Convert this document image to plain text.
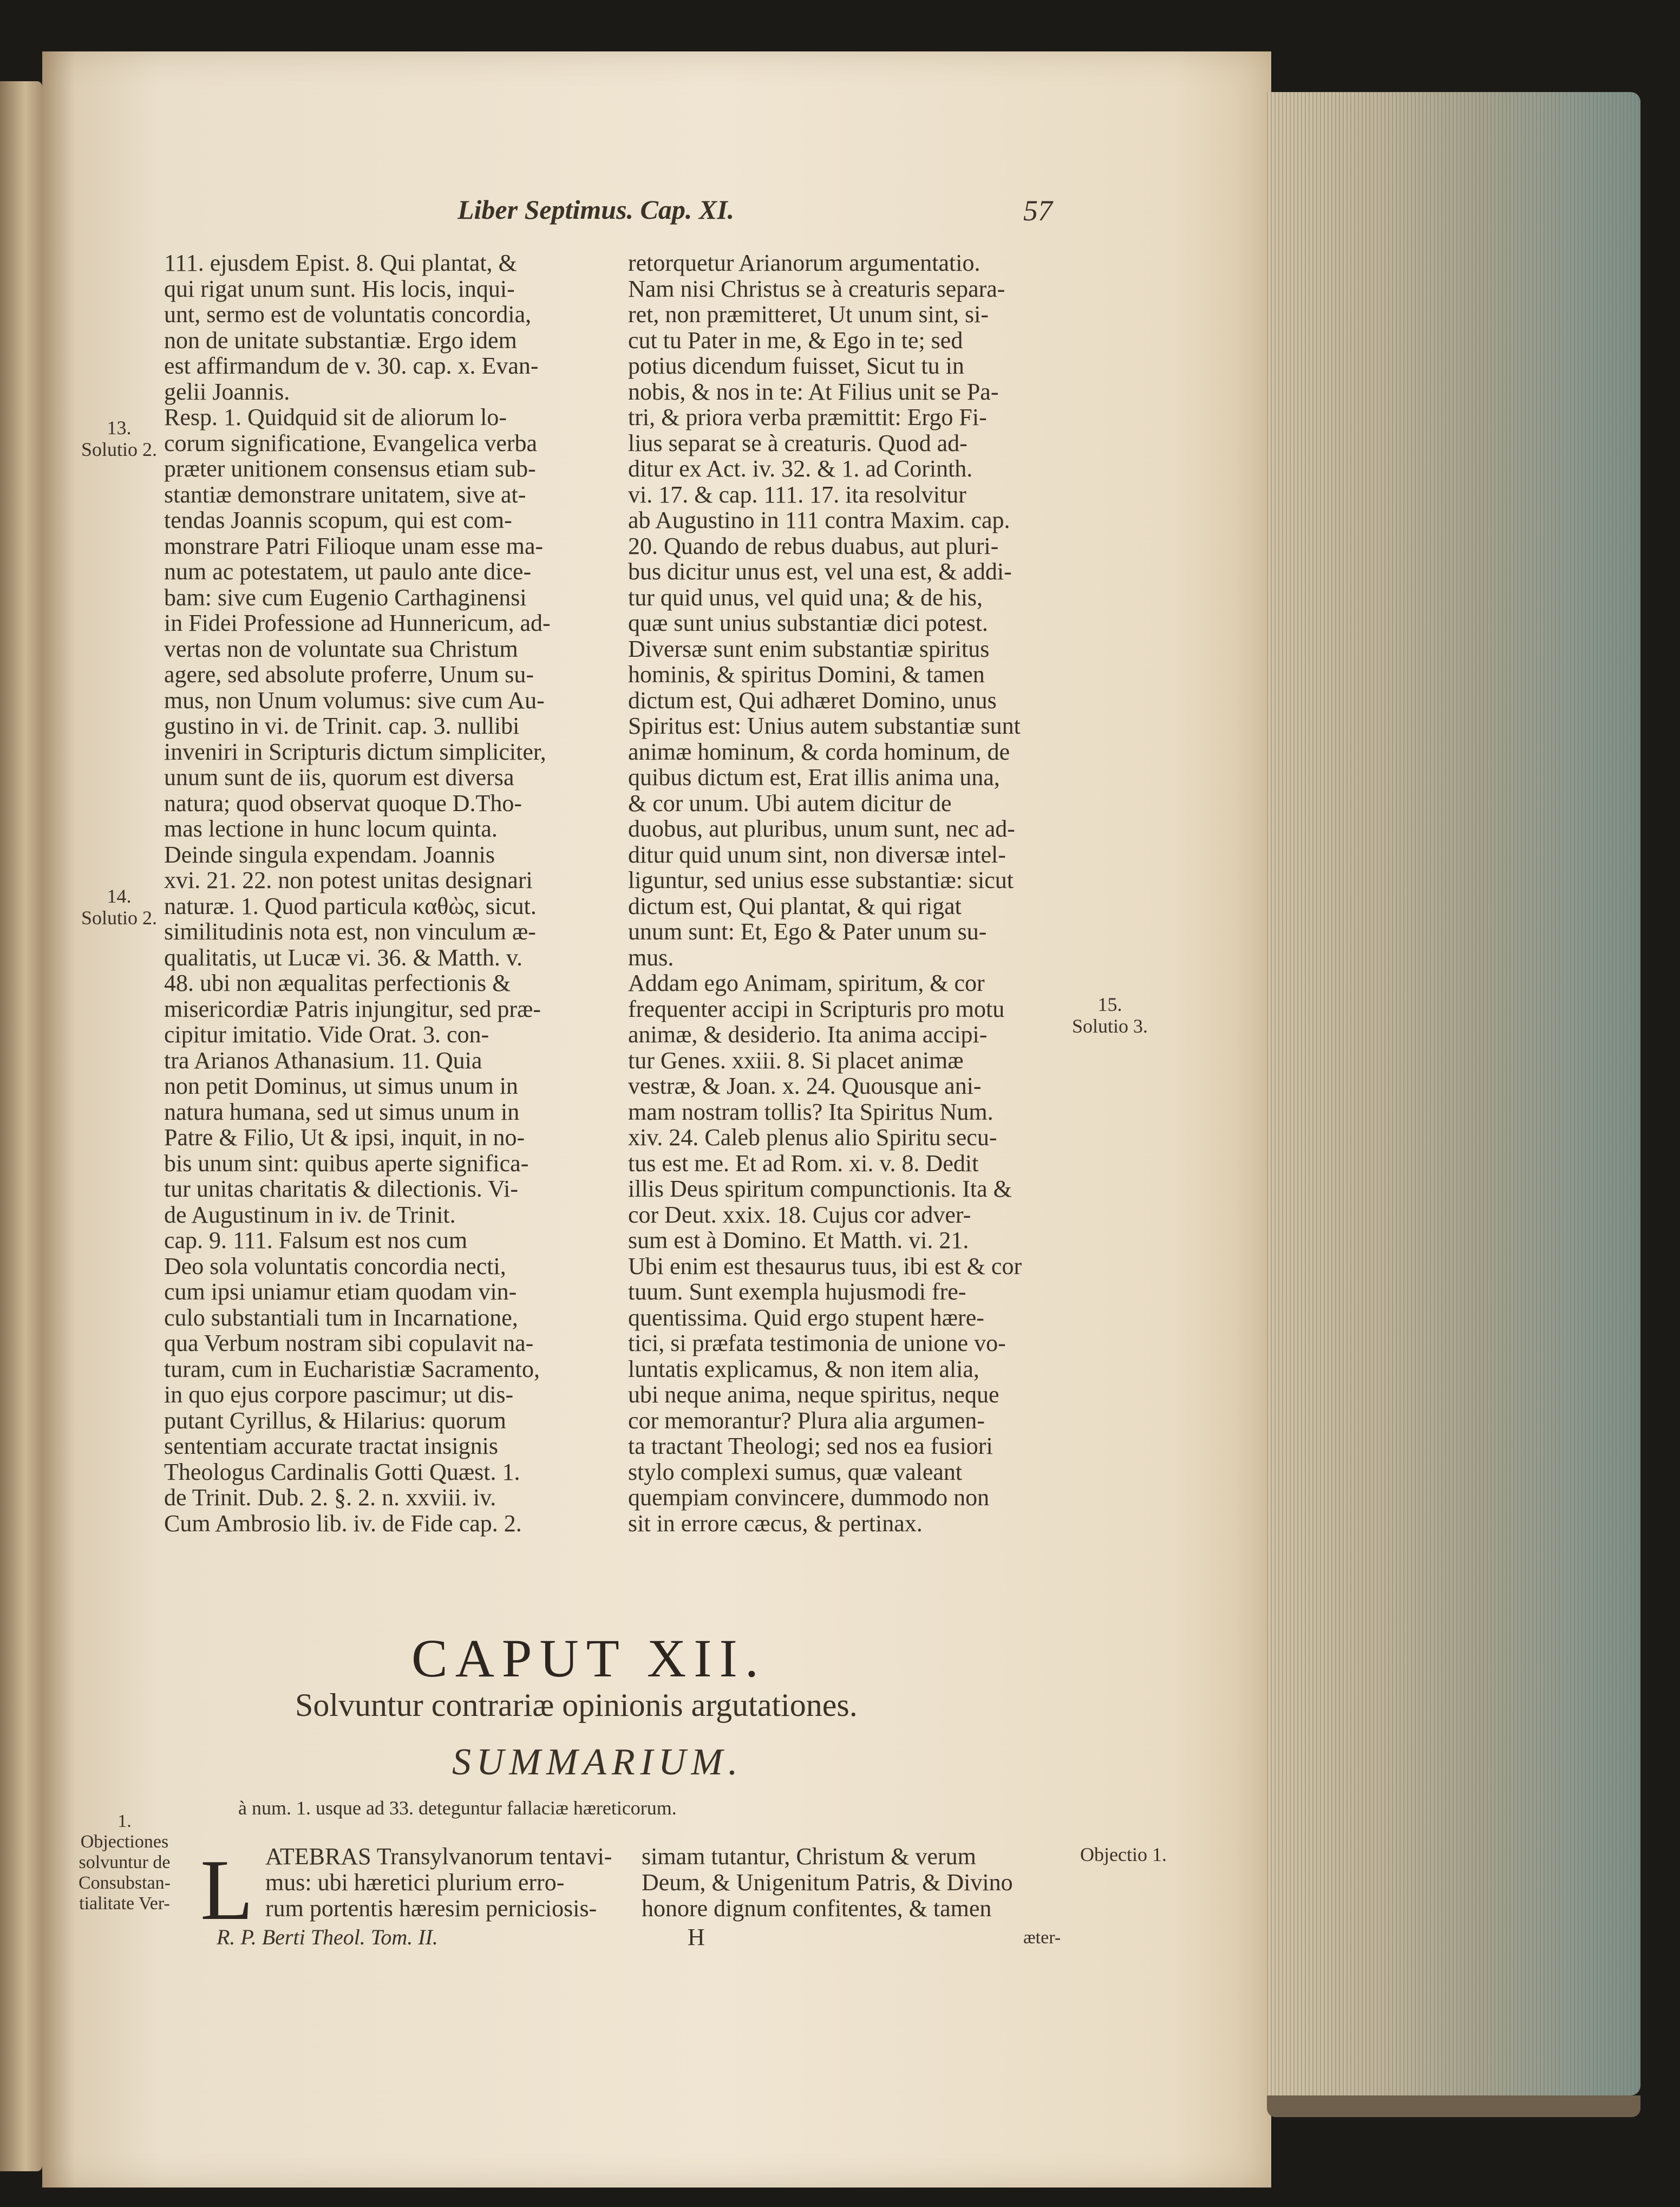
Liber Septimus. Cap. XI.	57
111. ejusdem Epist. 8. Qui plantat, &
qui rigat unum sunt. His locis, inqui-
unt, sermo est de voluntatis concordia,
non de unitate substantiæ. Ergo idem
est affirmandum de v. 30. cap. x. Evan-
gelii Joannis.
Resp. 1. Quidquid sit de aliorum lo-
corum significatione, Evangelica verba
præter unitionem consensus etiam sub-
stantiæ demonstrare unitatem, sive at-
tendas Joannis scopum, qui est com-
monstrare Patri Filioque unam esse ma-
num ac potestatem, ut paulo ante dice-
bam: sive cum Eugenio Carthaginensi
in Fidei Professione ad Hunnericum, ad-
vertas non de voluntate sua Christum
agere, sed absolute proferre, Unum su-
mus, non Unum volumus: sive cum Au-
gustino in vi. de Trinit. cap. 3. nullibi
inveniri in Scripturis dictum simpliciter,
unum sunt de iis, quorum est diversa
natura; quod observat quoque D.Tho-
mas lectione in hunc locum quinta.
Deinde singula expendam. Joannis
xvi. 21. 22. non potest unitas designari
naturæ. 1. Quod particula καθὼς, sicut.
similitudinis nota est, non vinculum æ-
qualitatis, ut Lucæ vi. 36. & Matth. v.
48. ubi non æqualitas perfectionis &
misericordiæ Patris injungitur, sed præ-
cipitur imitatio. Vide Orat. 3. con-
tra Arianos Athanasium. 11. Quia
non petit Dominus, ut simus unum in
natura humana, sed ut simus unum in
Patre & Filio, Ut & ipsi, inquit, in no-
bis unum sint: quibus aperte significa-
tur unitas charitatis & dilectionis. Vi-
de Augustinum in iv. de Trinit.
cap. 9. 111. Falsum est nos cum
Deo sola voluntatis concordia necti,
cum ipsi uniamur etiam quodam vin-
culo substantiali tum in Incarnatione,
qua Verbum nostram sibi copulavit na-
turam, cum in Eucharistiæ Sacramento,
in quo ejus corpore pascimur; ut dis-
putant Cyrillus, & Hilarius: quorum
sententiam accurate tractat insignis
Theologus Cardinalis Gotti Quæst. 1.
de Trinit. Dub. 2. §. 2. n. xxviii. iv.
Cum Ambrosio lib. iv. de Fide cap. 2.
retorquetur Arianorum argumentatio.
Nam nisi Christus se à creaturis separa-
ret, non præmitteret, Ut unum sint, si-
cut tu Pater in me, & Ego in te; sed
potius dicendum fuisset, Sicut tu in
nobis, & nos in te: At Filius unit se Pa-
tri, & priora verba præmittit: Ergo Fi-
lius separat se à creaturis. Quod ad-
ditur ex Act. iv. 32. & 1. ad Corinth.
vi. 17. & cap. 111. 17. ita resolvitur
ab Augustino in 111 contra Maxim. cap.
20. Quando de rebus duabus, aut pluri-
bus dicitur unus est, vel una est, & addi-
tur quid unus, vel quid una; & de his,
quæ sunt unius substantiæ dici potest.
Diversæ sunt enim substantiæ spiritus
hominis, & spiritus Domini, & tamen
dictum est, Qui adhæret Domino, unus
Spiritus est: Unius autem substantiæ sunt
animæ hominum, & corda hominum, de
quibus dictum est, Erat illis anima una,
& cor unum. Ubi autem dicitur de
duobus, aut pluribus, unum sunt, nec ad-
ditur quid unum sint, non diversæ intel-
liguntur, sed unius esse substantiæ: sicut
dictum est, Qui plantat, & qui rigat
unum sunt: Et, Ego & Pater unum su-
mus.
Addam ego Animam, spiritum, & cor
frequenter accipi in Scripturis pro motu
animæ, & desiderio. Ita anima accipi-
tur Genes. xxiii. 8. Si placet animæ
vestræ, & Joan. x. 24. Quousque ani-
mam nostram tollis? Ita Spiritus Num.
xiv. 24. Caleb plenus alio Spiritu secu-
tus est me. Et ad Rom. xi. v. 8. Dedit
illis Deus spiritum compunctionis. Ita &
cor Deut. xxix. 18. Cujus cor adver-
sum est à Domino. Et Matth. vi. 21.
Ubi enim est thesaurus tuus, ibi est & cor
tuum. Sunt exempla hujusmodi fre-
quentissima. Quid ergo stupent hære-
tici, si præfata testimonia de unione vo-
luntatis explicamus, & non item alia,
ubi neque anima, neque spiritus, neque
cor memorantur? Plura alia argumen-
ta tractant Theologi; sed nos ea fusiori
stylo complexi sumus, quæ valeant
quempiam convincere, dummodo non
sit in errore cæcus, & pertinax.
13.
Solutio 2.
14.
Solutio 2.
15.
Solutio 3.
1.
Objectiones solvuntur de Consubstan-tialitate Ver-
Objectio 1.
CAPUT XII.
Solvuntur contrariæ opinionis argutationes.
SUMMARIUM.
à num. 1. usque ad 33. deteguntur fallaciæ hæreticorum.
L ATEBRAS Transylvanorum tentavi-
mus: ubi hæretici plurium erro-
rum portentis hæresim perniciosis-
simam tutantur, Christum & verum
Deum, & Unigenitum Patris, & Divino
honore dignum confitentes, & tamen
R. P. Berti Theol. Tom. II.	H	æter-
